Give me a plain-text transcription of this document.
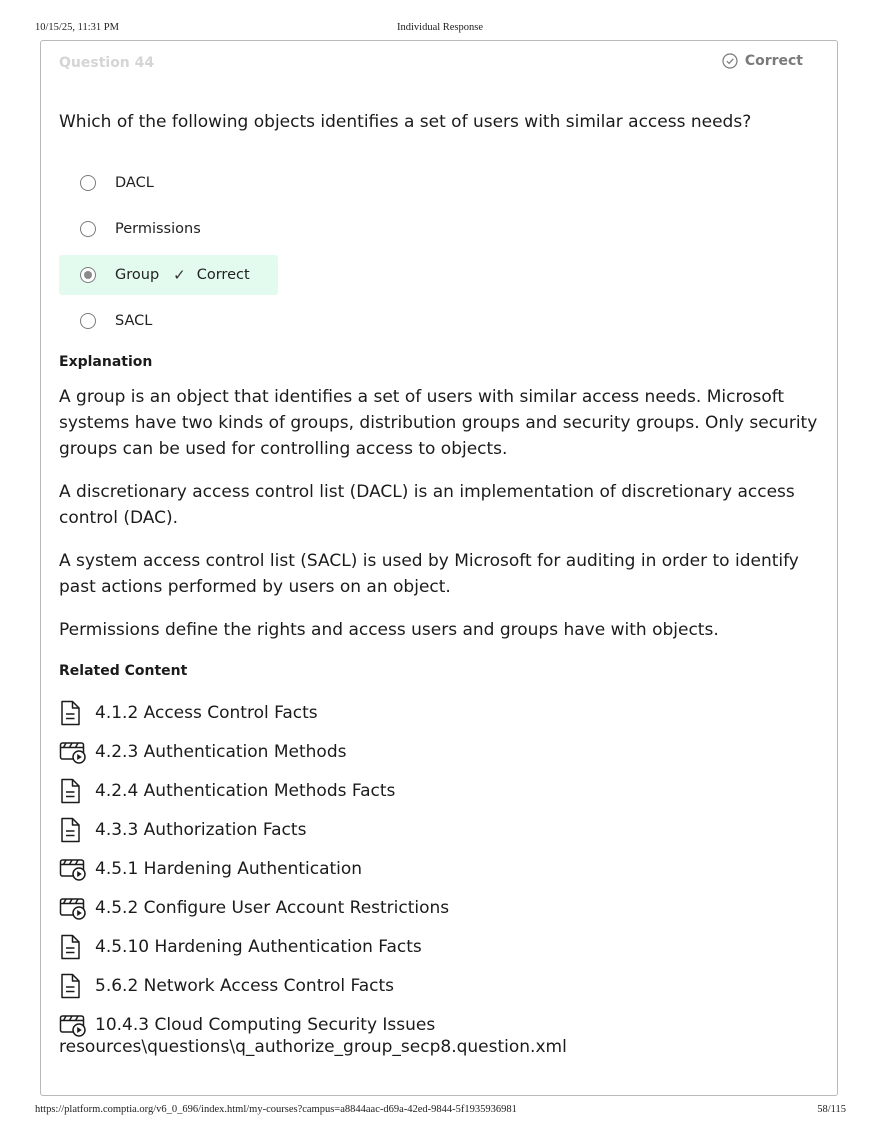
10/15/25, 11:31 PM	Individual Response
Question 44	Correct
Which of the following objects identifies a set of users with similar access needs?
DACL
Permissions
Group ✓ Correct
SACL
Explanation

A group is an object that identifies a set of users with similar access needs. Microsoft systems have two kinds of groups, distribution groups and security groups. Only security groups can be used for controlling access to objects.

A discretionary access control list (DACL) is an implementation of discretionary access control (DAC).

A system access control list (SACL) is used by Microsoft for auditing in order to identify past actions performed by users on an object.

Permissions define the rights and access users and groups have with objects.

Related Content
4.1.2 Access Control Facts
4.2.3 Authentication Methods
4.2.4 Authentication Methods Facts
4.3.3 Authorization Facts
4.5.1 Hardening Authentication
4.5.2 Configure User Account Restrictions
4.5.10 Hardening Authentication Facts
5.6.2 Network Access Control Facts
10.4.3 Cloud Computing Security Issues
resources\questions\q_authorize_group_secp8.question.xml
https://platform.comptia.org/v6_0_696/index.html/my-courses?campus=a8844aac-d69a-42ed-9844-5f1935936981	58/115
